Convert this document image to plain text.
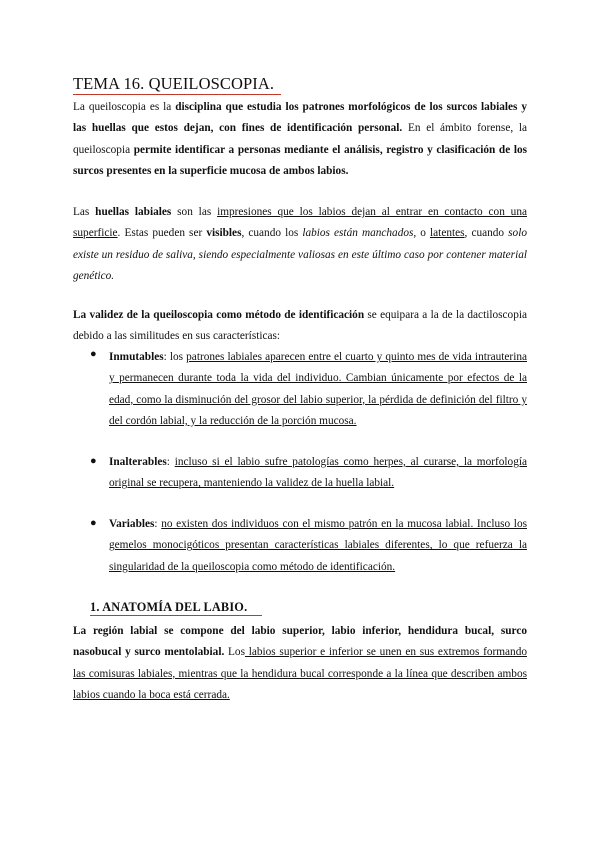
TEMA 16. QUEILOSCOPIA.
La queiloscopia es la disciplina que estudia los patrones morfológicos de los surcos labiales y las huellas que estos dejan, con fines de identificación personal. En el ámbito forense, la queiloscopia permite identificar a personas mediante el análisis, registro y clasificación de los surcos presentes en la superficie mucosa de ambos labios.
Las huellas labiales son las impresiones que los labios dejan al entrar en contacto con una superficie. Estas pueden ser visibles, cuando los labios están manchados, o latentes, cuando solo existe un residuo de saliva, siendo especialmente valiosas en este último caso por contener material genético.
La validez de la queiloscopia como método de identificación se equipara a la de la dactiloscopia debido a las similitudes en sus características:
● Inmutables: los patrones labiales aparecen entre el cuarto y quinto mes de vida intrauterina y permanecen durante toda la vida del individuo. Cambian únicamente por efectos de la edad, como la disminución del grosor del labio superior, la pérdida de definición del filtro y del cordón labial, y la reducción de la porción mucosa.
● Inalterables: incluso si el labio sufre patologías como herpes, al curarse, la morfología original se recupera, manteniendo la validez de la huella labial.
● Variables: no existen dos individuos con el mismo patrón en la mucosa labial. Incluso los gemelos monocigóticos presentan características labiales diferentes, lo que refuerza la singularidad de la queiloscopia como método de identificación.
1. ANATOMÍA DEL LABIO.
La región labial se compone del labio superior, labio inferior, hendidura bucal, surco nasobucal y surco mentolabial. Los labios superior e inferior se unen en sus extremos formando las comisuras labiales, mientras que la hendidura bucal corresponde a la línea que describen ambos labios cuando la boca está cerrada.
